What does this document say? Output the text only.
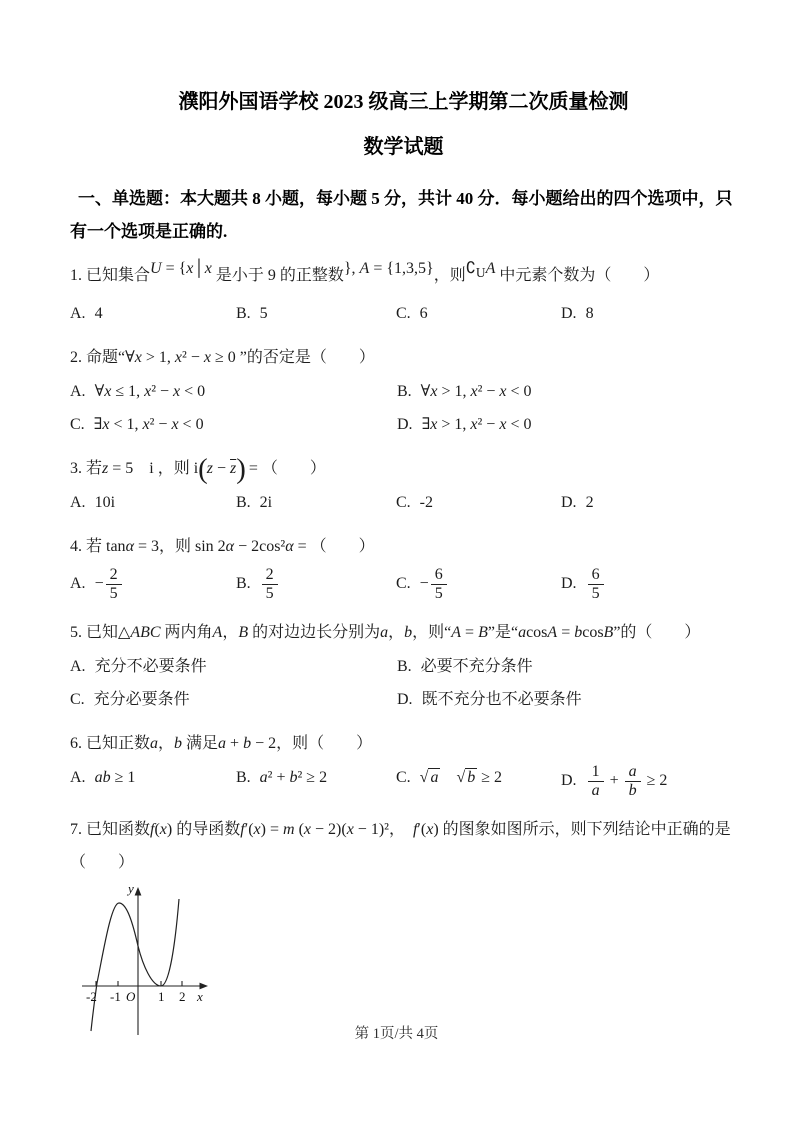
濮阳外国语学校 2023 级高三上学期第二次质量检测
数学试题
一、单选题：本大题共 8 小题，每小题 5 分，共计 40 分．每小题给出的四个选项中，只有一个选项是正确的.
1. 已知集合U = {x│x 是小于 9 的正整数}, A = {1,3,5}，则$∁_UA$ 中元素个数为（　　）
A. 4	B. 5	C. 6	D. 8
2. 命题“∀x > 1, x² − x ≥ 0 ”的否定是（　　）
A. ∀x ≤ 1, x² − x < 0	B. ∀x > 1, x² − x < 0
C. ∃x < 1, x² − x < 0	D. ∃x > 1, x² − x < 0
3. 若z = 5　i ，则 $i(z - \overline{z})$ = （　　）
A. 10i	B. 2i	C. -2	D. 2
4. 若 tanα = 3，则 sin 2α − 2cos²α = （　　）
A. − $\frac{2}{5}$	B. $\frac{2}{5}$	C. − $\frac{6}{5}$	D. $\frac{6}{5}$
5. 已知△ABC 两内角A，B 的对边边长分别为a，b，则“A = B”是“acosA = bcosB”的（　　）
A. 充分不必要条件	B. 必要不充分条件
C. 充分必要条件	D. 既不充分也不必要条件
6. 已知正数a，b 满足a + b − 2，则（　　）
A. ab ≥ 1	B. a² + b² ≥ 2	C. √ a　√ b ≥ 2	D. $\frac{1}{a} + \frac{a}{b} \ge 2$
7. 已知函数f(x) 的导函数f′(x) = m (x − 2)(x − 1)²，　f′(x) 的图象如图所示，则下列结论中正确的是
（　　）
y
x
O
-2 -1	1 2
第 1页/共 4页
